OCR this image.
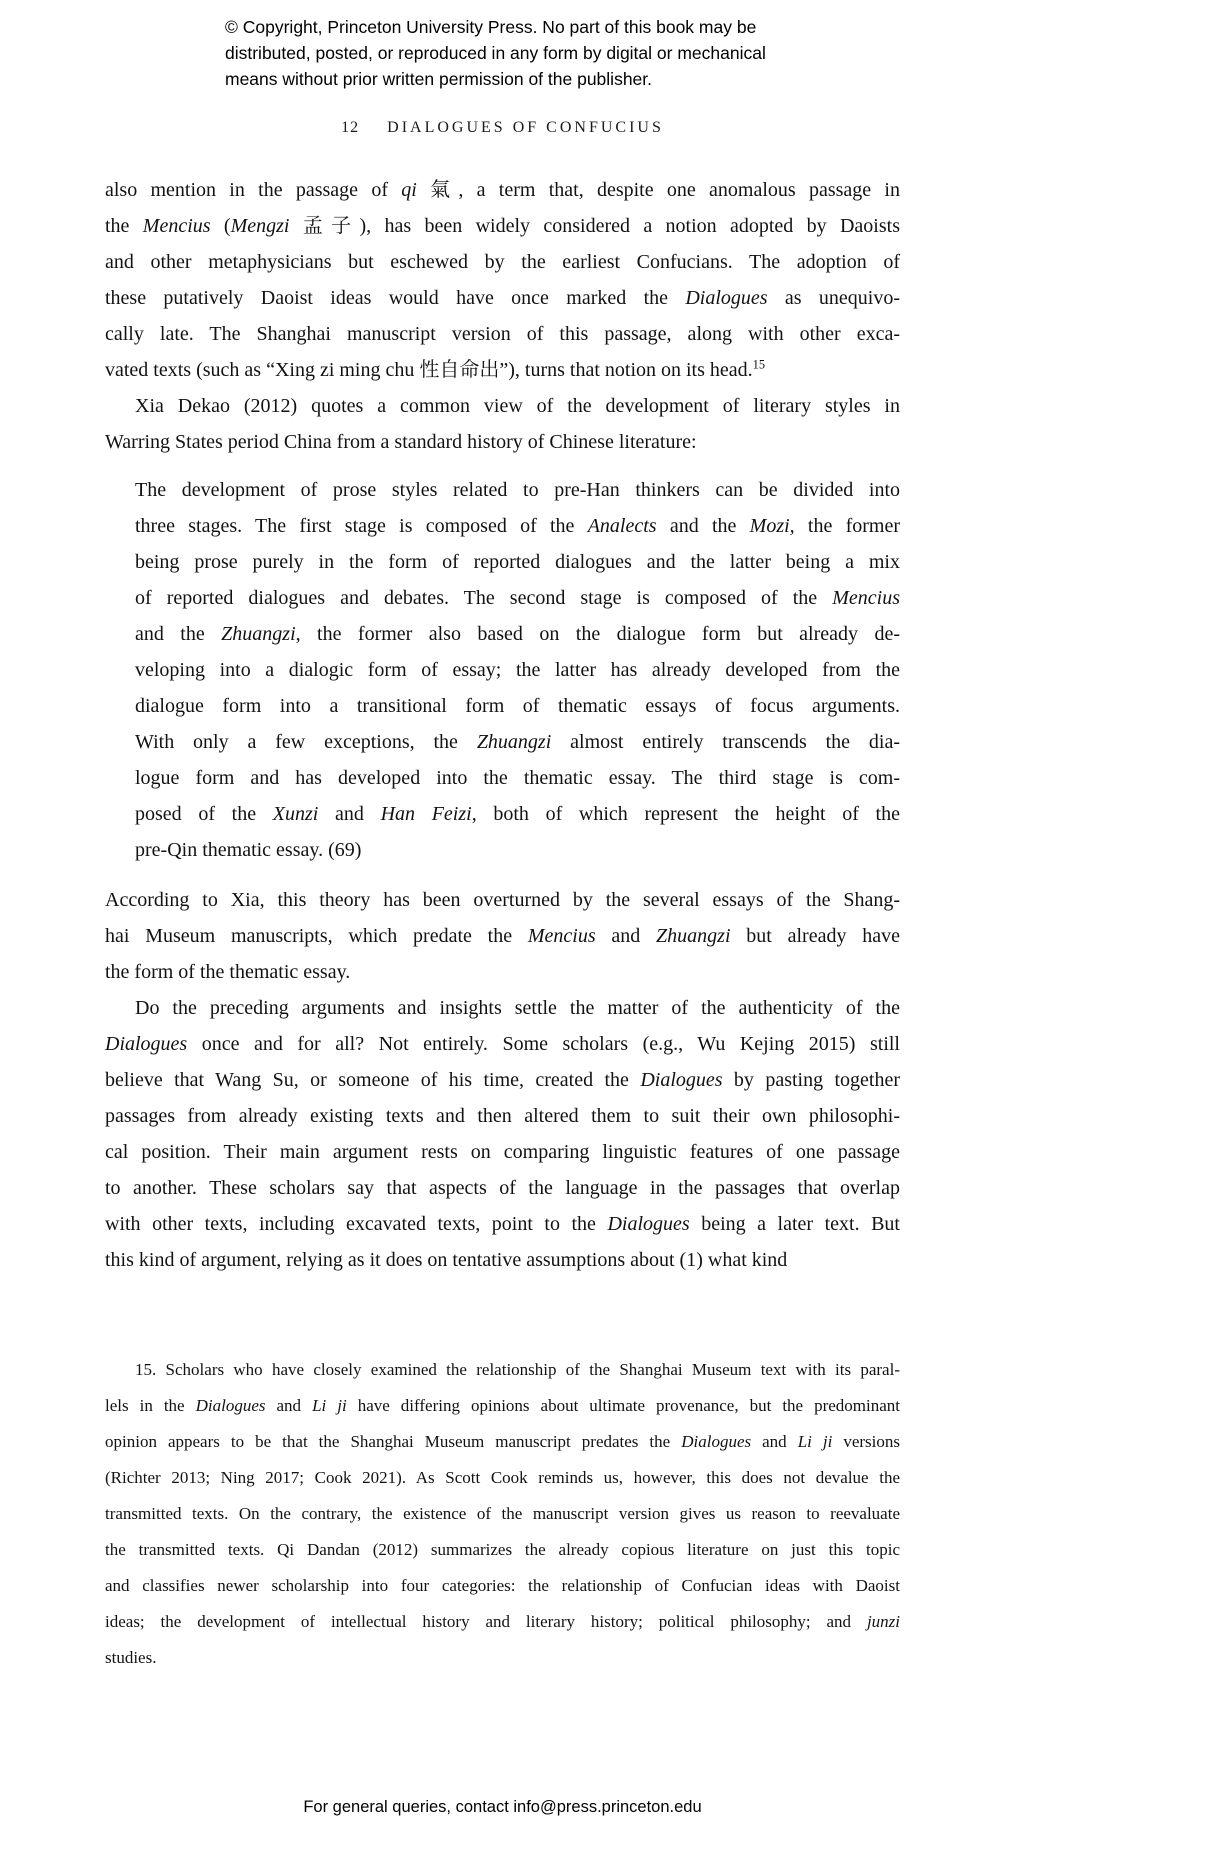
© Copyright, Princeton University Press. No part of this book may be
distributed, posted, or reproduced in any form by digital or mechanical
means without prior written permission of the publisher.
12 DIALOGUES OF CONFUCIUS
also mention in the passage of qi 氣, a term that, despite one anomalous passage in
the Mencius (Mengzi 孟子), has been widely considered a notion adopted by Daoists
and other metaphysicians but eschewed by the earliest Confucians. The adoption of
these putatively Daoist ideas would have once marked the Dialogues as unequivo-
cally late. The Shanghai manuscript version of this passage, along with other exca-
vated texts (such as “Xing zi ming chu 性自命出”), turns that notion on its head.$^{15}$
Xia Dekao (2012) quotes a common view of the development of literary styles in
Warring States period China from a standard history of Chinese literature:
The development of prose styles related to pre-Han thinkers can be divided into
three stages. The first stage is composed of the Analects and the Mozi, the former
being prose purely in the form of reported dialogues and the latter being a mix
of reported dialogues and debates. The second stage is composed of the Mencius
and the Zhuangzi, the former also based on the dialogue form but already de-
veloping into a dialogic form of essay; the latter has already developed from the
dialogue form into a transitional form of thematic essays of focus arguments.
With only a few exceptions, the Zhuangzi almost entirely transcends the dia-
logue form and has developed into the thematic essay. The third stage is com-
posed of the Xunzi and Han Feizi, both of which represent the height of the
pre-Qin thematic essay. (69)
According to Xia, this theory has been overturned by the several essays of the Shang-
hai Museum manuscripts, which predate the Mencius and Zhuangzi but already have
the form of the thematic essay.
Do the preceding arguments and insights settle the matter of the authenticity of the
Dialogues once and for all? Not entirely. Some scholars (e.g., Wu Kejing 2015) still
believe that Wang Su, or someone of his time, created the Dialogues by pasting together
passages from already existing texts and then altered them to suit their own philosophi-
cal position. Their main argument rests on comparing linguistic features of one passage
to another. These scholars say that aspects of the language in the passages that overlap
with other texts, including excavated texts, point to the Dialogues being a later text. But
this kind of argument, relying as it does on tentative assumptions about (1) what kind
15. Scholars who have closely examined the relationship of the Shanghai Museum text with its paral-
lels in the Dialogues and Li ji have differing opinions about ultimate provenance, but the predominant
opinion appears to be that the Shanghai Museum manuscript predates the Dialogues and Li ji versions
(Richter 2013; Ning 2017; Cook 2021). As Scott Cook reminds us, however, this does not devalue the
transmitted texts. On the contrary, the existence of the manuscript version gives us reason to reevaluate
the transmitted texts. Qi Dandan (2012) summarizes the already copious literature on just this topic
and classifies newer scholarship into four categories: the relationship of Confucian ideas with Daoist
ideas; the development of intellectual history and literary history; political philosophy; and junzi
studies.
For general queries, contact info@press.princeton.edu
